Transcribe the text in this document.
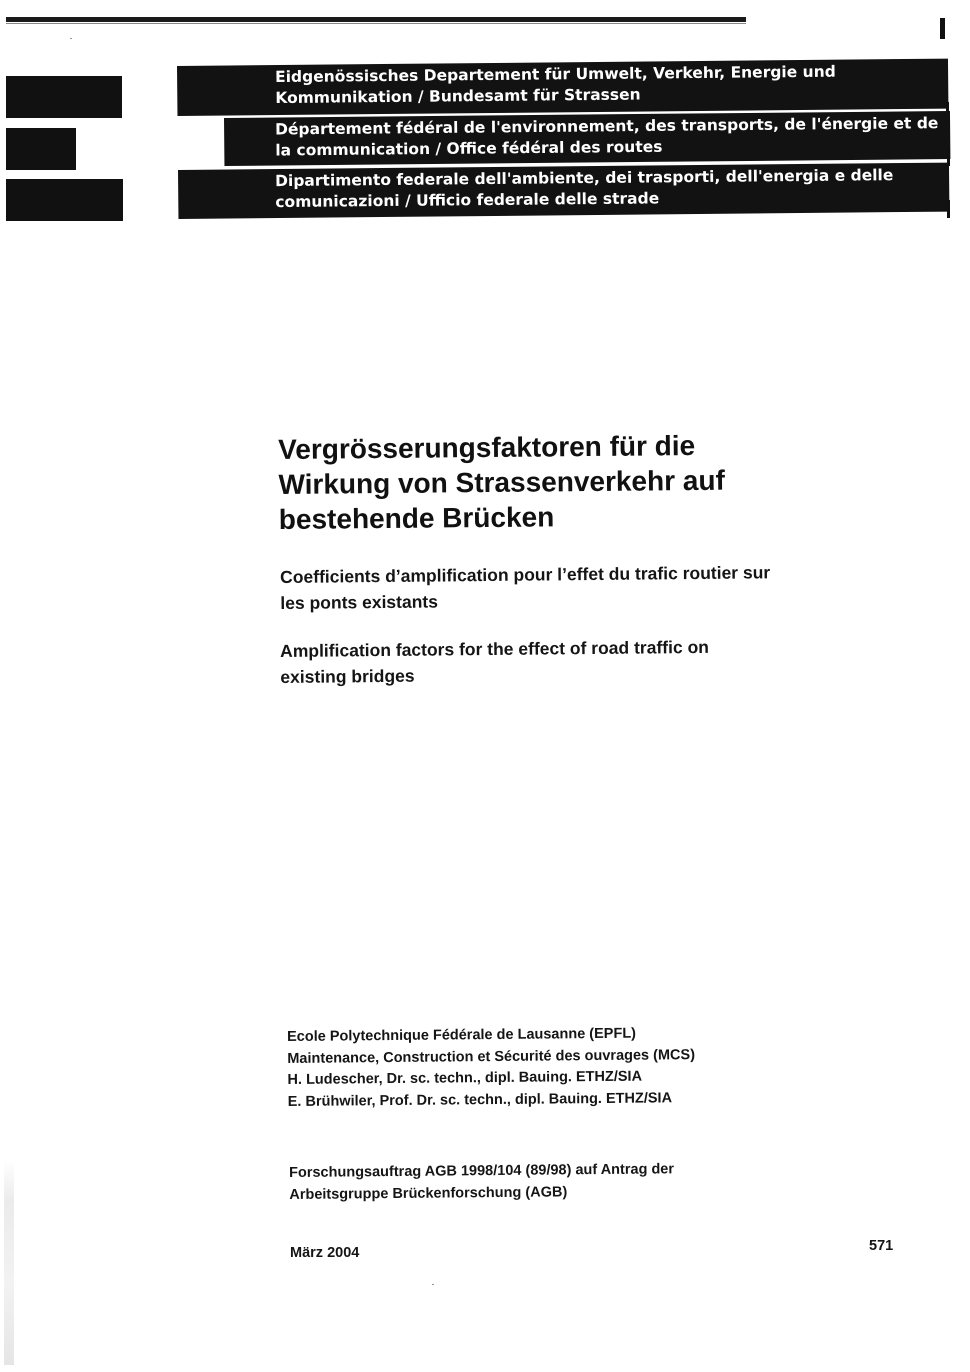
Eidgenössisches Departement für Umwelt, Verkehr, Energie und
Kommunikation / Bundesamt für Strassen
Département fédéral de l'environnement, des transports, de l'énergie et de
la communication / Office fédéral des routes
Dipartimento federale dell'ambiente, dei trasporti, dell'energia e delle
comunicazioni / Ufficio federale delle strade
Vergrösserungsfaktoren für die
Wirkung von Strassenverkehr auf
bestehende Brücken
Coefficients d’amplification pour l’effet du trafic routier sur
les ponts existants
Amplification factors for the effect of road traffic on
existing bridges
Ecole Polytechnique Fédérale de Lausanne (EPFL)
Maintenance, Construction et Sécurité des ouvrages (MCS)
H. Ludescher, Dr. sc. techn., dipl. Bauing. ETHZ/SIA
E. Brühwiler, Prof. Dr. sc. techn., dipl. Bauing. ETHZ/SIA
Forschungsauftrag AGB 1998/104 (89/98) auf Antrag der
Arbeitsgruppe Brückenforschung (AGB)
März 2004	571
